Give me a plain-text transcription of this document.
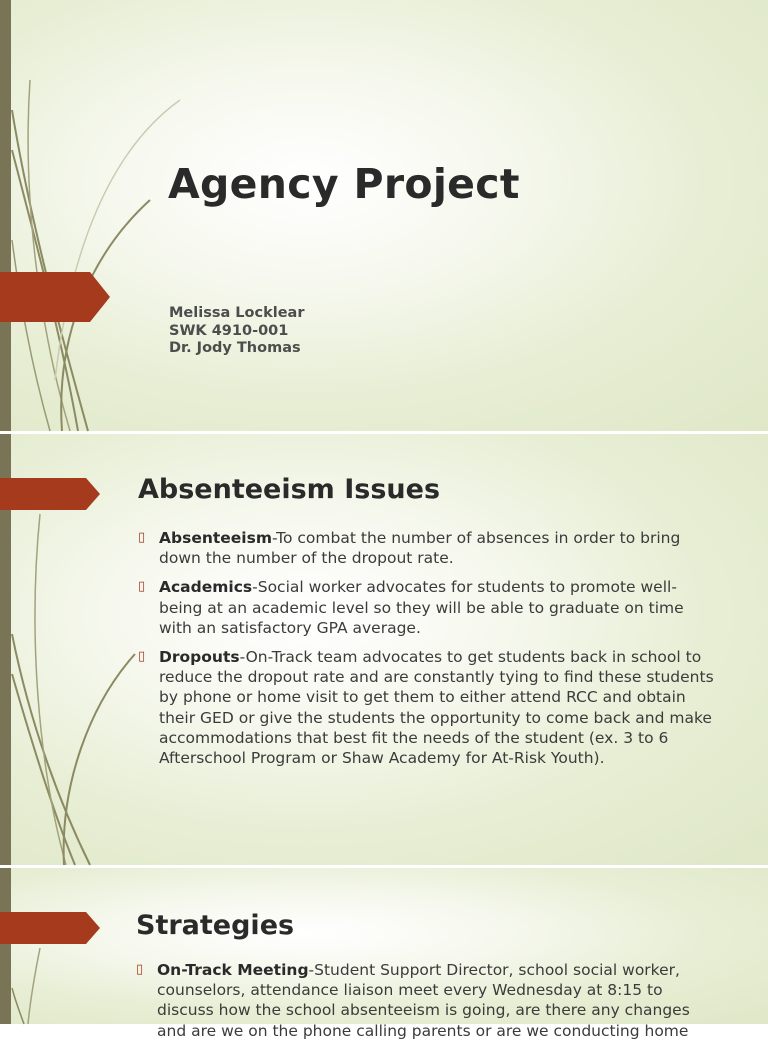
Agency Project
Melissa Locklear
SWK 4910-001
Dr. Jody Thomas
Absenteeism Issues
▯ Absenteeism-To combat the number of absences in order to bring down the number of the dropout rate.
▯ Academics-Social worker advocates for students to promote well-being at an academic level so they will be able to graduate on time with an satisfactory GPA average.
▯ Dropouts-On-Track team advocates to get students back in school to reduce the dropout rate and are constantly tying to find these students by phone or home visit to get them to either attend RCC and obtain their GED or give the students the opportunity to come back and make accommodations that best fit the needs of the student (ex. 3 to 6 Afterschool Program or Shaw Academy for At-Risk Youth).
Strategies
▯ On-Track Meeting-Student Support Director, school social worker, counselors, attendance liaison meet every Wednesday at 8:15 to discuss how the school absenteeism is going, are there any changes and are we on the phone calling parents or are we conducting home
